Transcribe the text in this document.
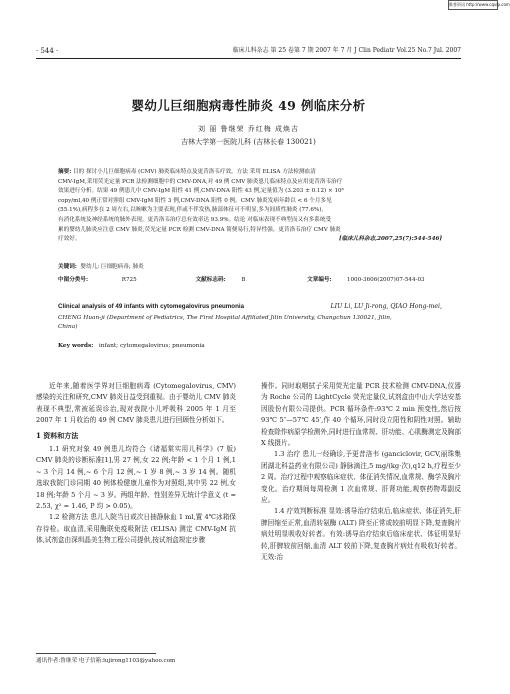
维普资讯 http://www.cqvip.com
· 544 ·	临床儿科杂志 第 25 卷第 7 期 2007 年 7 月 J Clin Pediatr Vol.25 No.7 Jul. 2007
婴幼儿巨细胞病毒性肺炎 49 例临床分析
刘 丽 鲁继荣 乔红梅 成焕吉
吉林大学第一医院儿科 (吉林长春 130021)
摘要: 目的 探讨小儿巨细胞病毒 (CMV) 肺炎临床特点及更昔洛韦疗效。方法 采用 ELISA 方法检测血清
CMV-IgM,采用荧光定量 PCR 法检测细胞中的 CMV-DNA,对 49 例 CMV 肺炎患儿临床特点及应用更昔洛韦治疗
效果进行分析。结果 49 例患儿中 CMV-IgM 阳性 41 例,CMV-DNA 阳性 43 例,定量值为 (3.203 ± 0.12) × 10⁶
copy/ml,40 例正常对照组 CMV-IgM 阳性 3 例,CMV-DNA 阳性 0 例。CMV 肺炎发病年龄以 < 6 个月多见
(55.1%),病程多在 2 周左右,以咳嗽为主要表现,伴或不伴发热,肺部体征可不明显,多为间质性肺炎 (77.6%),
有消化系统及神经系统的肺外表现。更昔洛韦治疗总有效率达 93.9%。结论 对临床表现不典型而又有多系统受
累的婴幼儿肺炎应注意 CMV 肺炎,荧光定量 PCR 检测 CMV-DNA 简便易行,特异性强。更昔洛韦治疗 CMV 肺炎
疗效好。	[临床儿科杂志,2007,25(7):544-546]
关键词: 婴幼儿; 巨细胞病毒; 肺炎
中图分类号:	R725	文献标志码:	B	文章编号:	1000-3606(2007)07-544-03
Clinical analysis of 49 infants with cytomegalovirus pneumonia	LIU Li, LU Ji-rong, QIAO Hong-mei,
CHENG Huan-ji (Department of Pediatrics, The First Hospital Affiliated Jilin University, Changchun 130021, Jilin,
China)
Key words: infant; cytomegalovirus; pneumonia

近年来,随着医学界对巨细胞病毒 (Cytomegalovirus, CMV) 感染的关注和研究,CMV 肺炎日益受到重视。由于婴幼儿 CMV 肺炎表现不典型,常被延误诊治,现对我院小儿呼吸科 2005 年 1 月至 2007 年 1 月收治的 49 例 CMV 肺炎患儿进行回顾性分析如下。

1 资料和方法

1.1 研究对象 49 例患儿均符合《诸福棠实用儿科学》(7 版) CMV 肺炎的诊断标准[1],男 27 例,女 22 例;年龄 < 1 个月 1 例,1 ~ 3 个月 14 例,~ 6 个月 12 例,~ 1 岁 8 例,~ 3 岁 14 例。随机选取我院门诊同期 40 例体检健康儿童作为对照组,其中男 22 例,女 18 例;年龄 5 个月 ~ 3 岁。两组年龄、性别差异无统计学意义 (t = 2.53, χ² = 1.46, P 均 > 0.05)。

1.2 检测方法 患儿入院当日或次日抽静脉血 1 ml,置 4℃冰箱保存待检。取血清,采用酶联免疫吸附法 (ELISA) 测定 CMV-IgM 抗体,试剂盒由深圳晶美生物工程公司提供,按试剂盒规定步骤

操作。同时取咽拭子采用荧光定量 PCR 技术检测 CMV-DNA,仪器为 Roche 公司的 LightCycle 荧光定量仪,试剂盒由中山大学达安基因股份有限公司提供。PCR 循环条件:93℃ 2 min 预变性,然后按 93℃ 5″—57℃ 45′,作 40 个循环,同时设立阳性和阴性对照。辅助检查除作病原学检测外,同时进行血常规、肝功能、心肌酶测定及胸部 X 线摄片。

1.3 治疗 患儿一经确诊,予更昔洛韦 (ganciclovir, GCV,丽珠集团湖北科益药业有限公司) 静脉滴注,5 mg/(kg·次),q12 h,疗程至少 2 周。治疗过程中观察临床症状、体征消失情况,血常规、酶学及胸片变化。治疗期间每周检测 1 次血常规、肝肾功能,观察药物毒副反应。

1.4 疗效判断标准 显效:诱导治疗结束后,临床症状、体征消失,肝脾回缩至正常,血清转氨酶 (ALT) 降至正常或较前明显下降,复查胸片病灶明显吸收好转者。有效:诱导治疗结束后临床症状、体征明显好转,肝脾较前回缩,血清 ALT 较前下降,复查胸片病灶有吸收好转者。无效:治

通讯作者:鲁继荣 电子信箱:lujirong1103@yahoo.com
